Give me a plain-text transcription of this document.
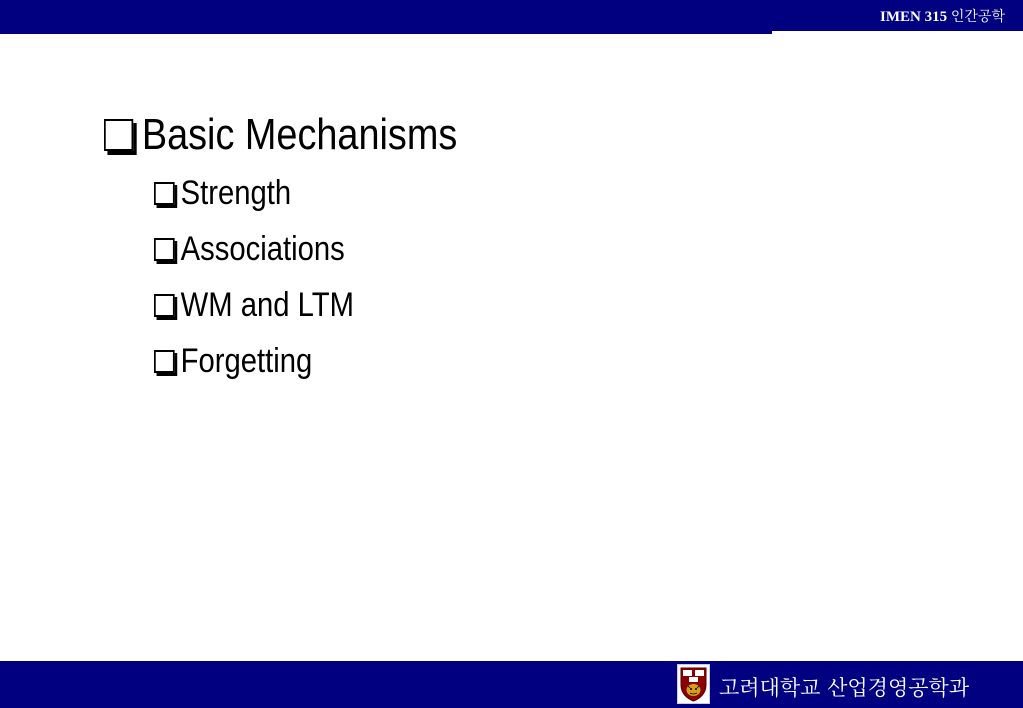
IMEN 315 인간공학
Basic Mechanisms
Strength
Associations
WM and LTM
Forgetting
고려대학교 산업경영공학과
